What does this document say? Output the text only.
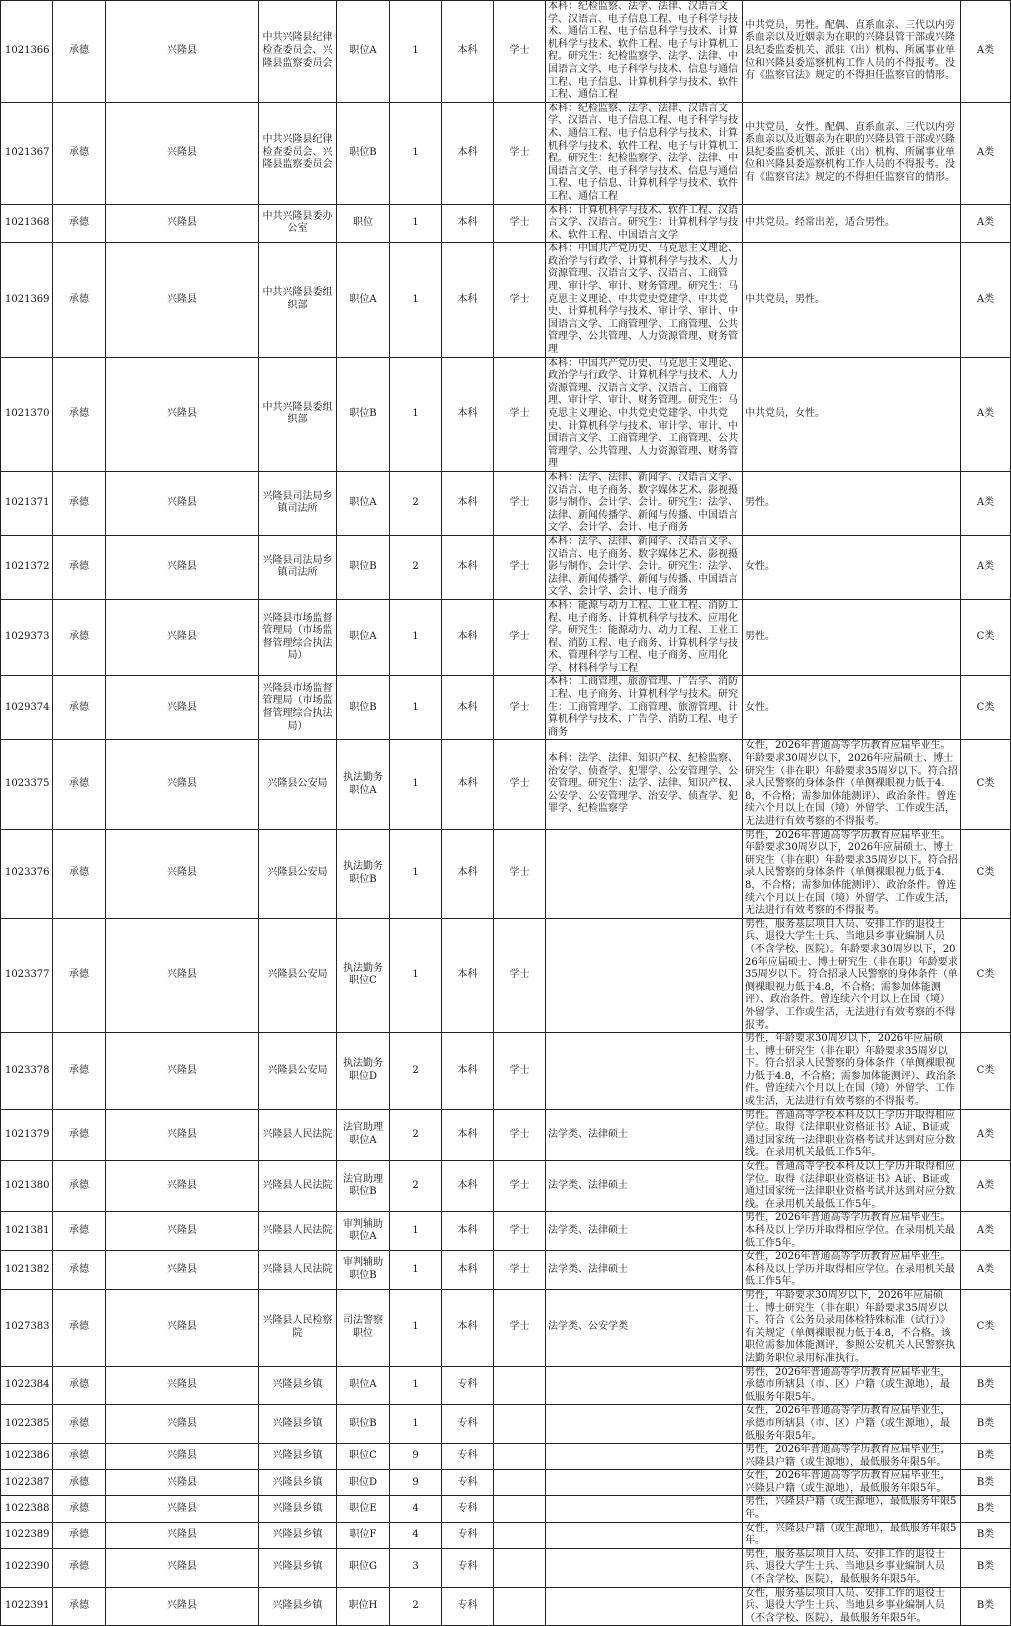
1021366	承德	兴隆县	中共兴隆县纪律检查委员会、兴隆县监察委员会	职位A	1	本科	学士	本科：纪检监察、法学、法律、汉语言文学、汉语言、电子信息工程、电子科学与技术、通信工程、电子信息科学与技术、计算机科学与技术、软件工程、电子与计算机工程。研究生：纪检监察学、法学、法律、中国语言文学、电子科学与技术、信息与通信工程、电子信息、计算机科学与技术、软件工程、通信工程	中共党员，男性。配偶、直系血亲、三代以内旁系血亲以及近姻亲为在职的兴隆县管干部或兴隆县纪委监委机关、派驻（出）机构、所属事业单位和兴隆县委巡察机构工作人员的不得报考。没有《监察官法》规定的不得担任监察官的情形。	A类
1021367	承德	兴隆县	中共兴隆县纪律检查委员会、兴隆县监察委员会	职位B	1	本科	学士	本科：纪检监察、法学、法律、汉语言文学、汉语言、电子信息工程、电子科学与技术、通信工程、电子信息科学与技术、计算机科学与技术、软件工程、电子与计算机工程。研究生：纪检监察学、法学、法律、中国语言文学、电子科学与技术、信息与通信工程、电子信息、计算机科学与技术、软件工程、通信工程	中共党员，女性。配偶、直系血亲、三代以内旁系血亲以及近姻亲为在职的兴隆县管干部或兴隆县纪委监委机关、派驻（出）机构、所属事业单位和兴隆县委巡察机构工作人员的不得报考。没有《监察官法》规定的不得担任监察官的情形。	A类
1021368	承德	兴隆县	中共兴隆县委办公室	职位	1	本科	学士	本科：计算机科学与技术、软件工程、汉语言文学、汉语言。研究生：计算机科学与技术、软件工程、中国语言文学	中共党员。经常出差，适合男性。	A类
1021369	承德	兴隆县	中共兴隆县委组织部	职位A	1	本科	学士	本科：中国共产党历史、马克思主义理论、政治学与行政学、计算机科学与技术、人力资源管理、汉语言文学、汉语言、工商管理、审计学、审计、财务管理。研究生：马克思主义理论、中共党史党建学、中共党史、计算机科学与技术、审计学、审计、中国语言文学、工商管理学、工商管理、公共管理学、公共管理、人力资源管理、财务管理	中共党员，男性。	A类
1021370	承德	兴隆县	中共兴隆县委组织部	职位B	1	本科	学士	本科：中国共产党历史、马克思主义理论、政治学与行政学、计算机科学与技术、人力资源管理、汉语言文学、汉语言、工商管理、审计学、审计、财务管理。研究生：马克思主义理论、中共党史党建学、中共党史、计算机科学与技术、审计学、审计、中国语言文学、工商管理学、工商管理、公共管理学、公共管理、人力资源管理、财务管理	中共党员，女性。	A类
1021371	承德	兴隆县	兴隆县司法局乡镇司法所	职位A	2	本科	学士	本科：法学、法律、新闻学、汉语言文学、汉语言、电子商务、数字媒体艺术、影视摄影与制作、会计学、会计。研究生：法学、法律、新闻传播学、新闻与传播、中国语言文学、会计学、会计、电子商务	男性。	A类
1021372	承德	兴隆县	兴隆县司法局乡镇司法所	职位B	2	本科	学士	本科：法学、法律、新闻学、汉语言文学、汉语言、电子商务、数字媒体艺术、影视摄影与制作、会计学、会计。研究生：法学、法律、新闻传播学、新闻与传播、中国语言文学、会计学、会计、电子商务	女性。	A类
1029373	承德	兴隆县	兴隆县市场监督管理局（市场监督管理综合执法局）	职位A	1	本科	学士	本科：能源与动力工程、工业工程、消防工程、电子商务、计算机科学与技术、应用化学。研究生：能源动力、动力工程、工业工程、消防工程、电子商务、计算机科学与技术、管理科学与工程、电子商务、应用化学、材料科学与工程	男性。	C类
1029374	承德	兴隆县	兴隆县市场监督管理局（市场监督管理综合执法局）	职位B	1	本科	学士	本科：工商管理、旅游管理、广告学、消防工程、电子商务、计算机科学与技术。研究生：工商管理学、工商管理、旅游管理、计算机科学与技术、广告学、消防工程、电子商务	女性。	C类
1023375	承德	兴隆县	兴隆县公安局	执法勤务职位A	1	本科	学士	本科：法学、法律、知识产权、纪检监察、治安学、侦查学、犯罪学、公安管理学、公安管理。研究生：法学、法律、知识产权、公安学、公安管理学、治安学、侦查学、犯罪学、纪检监察学	女性，2026年普通高等学历教育应届毕业生。年龄要求30周岁以下，2026年应届硕士、博士研究生（非在职）年龄要求35周岁以下。符合招录人民警察的身体条件（单侧裸眼视力低于4.8，不合格；需参加体能测评）、政治条件。曾连续六个月以上在国（境）外留学、工作或生活，无法进行有效考察的不得报考。	C类
1023376	承德	兴隆县	兴隆县公安局	执法勤务职位B	1	本科	学士		男性，2026年普通高等学历教育应届毕业生。年龄要求30周岁以下，2026年应届硕士、博士研究生（非在职）年龄要求35周岁以下。符合招录人民警察的身体条件（单侧裸眼视力低于4.8，不合格；需参加体能测评）、政治条件。曾连续六个月以上在国（境）外留学、工作或生活，无法进行有效考察的不得报考。	C类
1023377	承德	兴隆县	兴隆县公安局	执法勤务职位C	1	本科	学士		男性，服务基层项目人员、安排工作的退役士兵、退役大学生士兵、当地县乡事业编制人员（不含学校、医院）。年龄要求30周岁以下，2026年应届硕士、博士研究生（非在职）年龄要求35周岁以下。符合招录人民警察的身体条件（单侧裸眼视力低于4.8，不合格；需参加体能测评）、政治条件。曾连续六个月以上在国（境）外留学、工作或生活，无法进行有效考察的不得报考。	C类
1023378	承德	兴隆县	兴隆县公安局	执法勤务职位D	2	本科	学士		男性，年龄要求30周岁以下，2026年应届硕士、博士研究生（非在职）年龄要求35周岁以下。符合招录人民警察的身体条件（单侧裸眼视力低于4.8，不合格；需参加体能测评）、政治条件。曾连续六个月以上在国（境）外留学、工作或生活，无法进行有效考察的不得报考。	C类
1021379	承德	兴隆县	兴隆县人民法院	法官助理职位A	2	本科	学士	法学类、法律硕士	男性。普通高等学校本科及以上学历并取得相应学位。取得《法律职业资格证书》A证、B证或通过国家统一法律职业资格考试并达到对应分数线。在录用机关最低工作5年。	A类
1021380	承德	兴隆县	兴隆县人民法院	法官助理职位B	2	本科	学士	法学类、法律硕士	女性。普通高等学校本科及以上学历并取得相应学位。取得《法律职业资格证书》A证、B证或通过国家统一法律职业资格考试并达到对应分数线。在录用机关最低工作5年。	A类
1021381	承德	兴隆县	兴隆县人民法院	审判辅助职位A	1	本科	学士	法学类、法律硕士	男性，2026年普通高等学历教育应届毕业生。本科及以上学历并取得相应学位。在录用机关最低工作5年。	A类
1021382	承德	兴隆县	兴隆县人民法院	审判辅助职位B	1	本科	学士	法学类、法律硕士	女性，2026年普通高等学历教育应届毕业生。本科及以上学历并取得相应学位。在录用机关最低工作5年。	A类
1027383	承德	兴隆县	兴隆县人民检察院	司法警察职位	1	本科	学士	法学类、公安学类	男性，年龄要求30周岁以下，2026年应届硕士、博士研究生（非在职）年龄要求35周岁以下。符合《公务员录用体检特殊标准（试行）》有关规定（单侧裸眼视力低于4.8，不合格。该职位需参加体能测评，参照公安机关人民警察执法勤务职位录用标准执行。	C类
1022384	承德	兴隆县	兴隆县乡镇	职位A	1	专科			男性，2026年普通高等学历教育应届毕业生，承德市所辖县（市、区）户籍（或生源地），最低服务年限5年。	B类
1022385	承德	兴隆县	兴隆县乡镇	职位B	1	专科			女性，2026年普通高等学历教育应届毕业生，承德市所辖县（市、区）户籍（或生源地），最低服务年限5年。	B类
1022386	承德	兴隆县	兴隆县乡镇	职位C	9	专科			男性，2026年普通高等学历教育应届毕业生，兴隆县户籍（或生源地），最低服务年限5年。	B类
1022387	承德	兴隆县	兴隆县乡镇	职位D	9	专科			女性，2026年普通高等学历教育应届毕业生，兴隆县户籍（或生源地），最低服务年限5年。	B类
1022388	承德	兴隆县	兴隆县乡镇	职位E	4	专科			男性，兴隆县户籍（或生源地），最低服务年限5年。	B类
1022389	承德	兴隆县	兴隆县乡镇	职位F	4	专科			女性，兴隆县户籍（或生源地），最低服务年限5年。	B类
1022390	承德	兴隆县	兴隆县乡镇	职位G	3	专科			男性，服务基层项目人员、安排工作的退役士兵、退役大学生士兵、当地县乡事业编制人员（不含学校、医院），最低服务年限5年。	B类
1022391	承德	兴隆县	兴隆县乡镇	职位H	2	专科			女性，服务基层项目人员、安排工作的退役士兵、退役大学生士兵、当地县乡事业编制人员（不含学校、医院），最低服务年限5年。	B类
